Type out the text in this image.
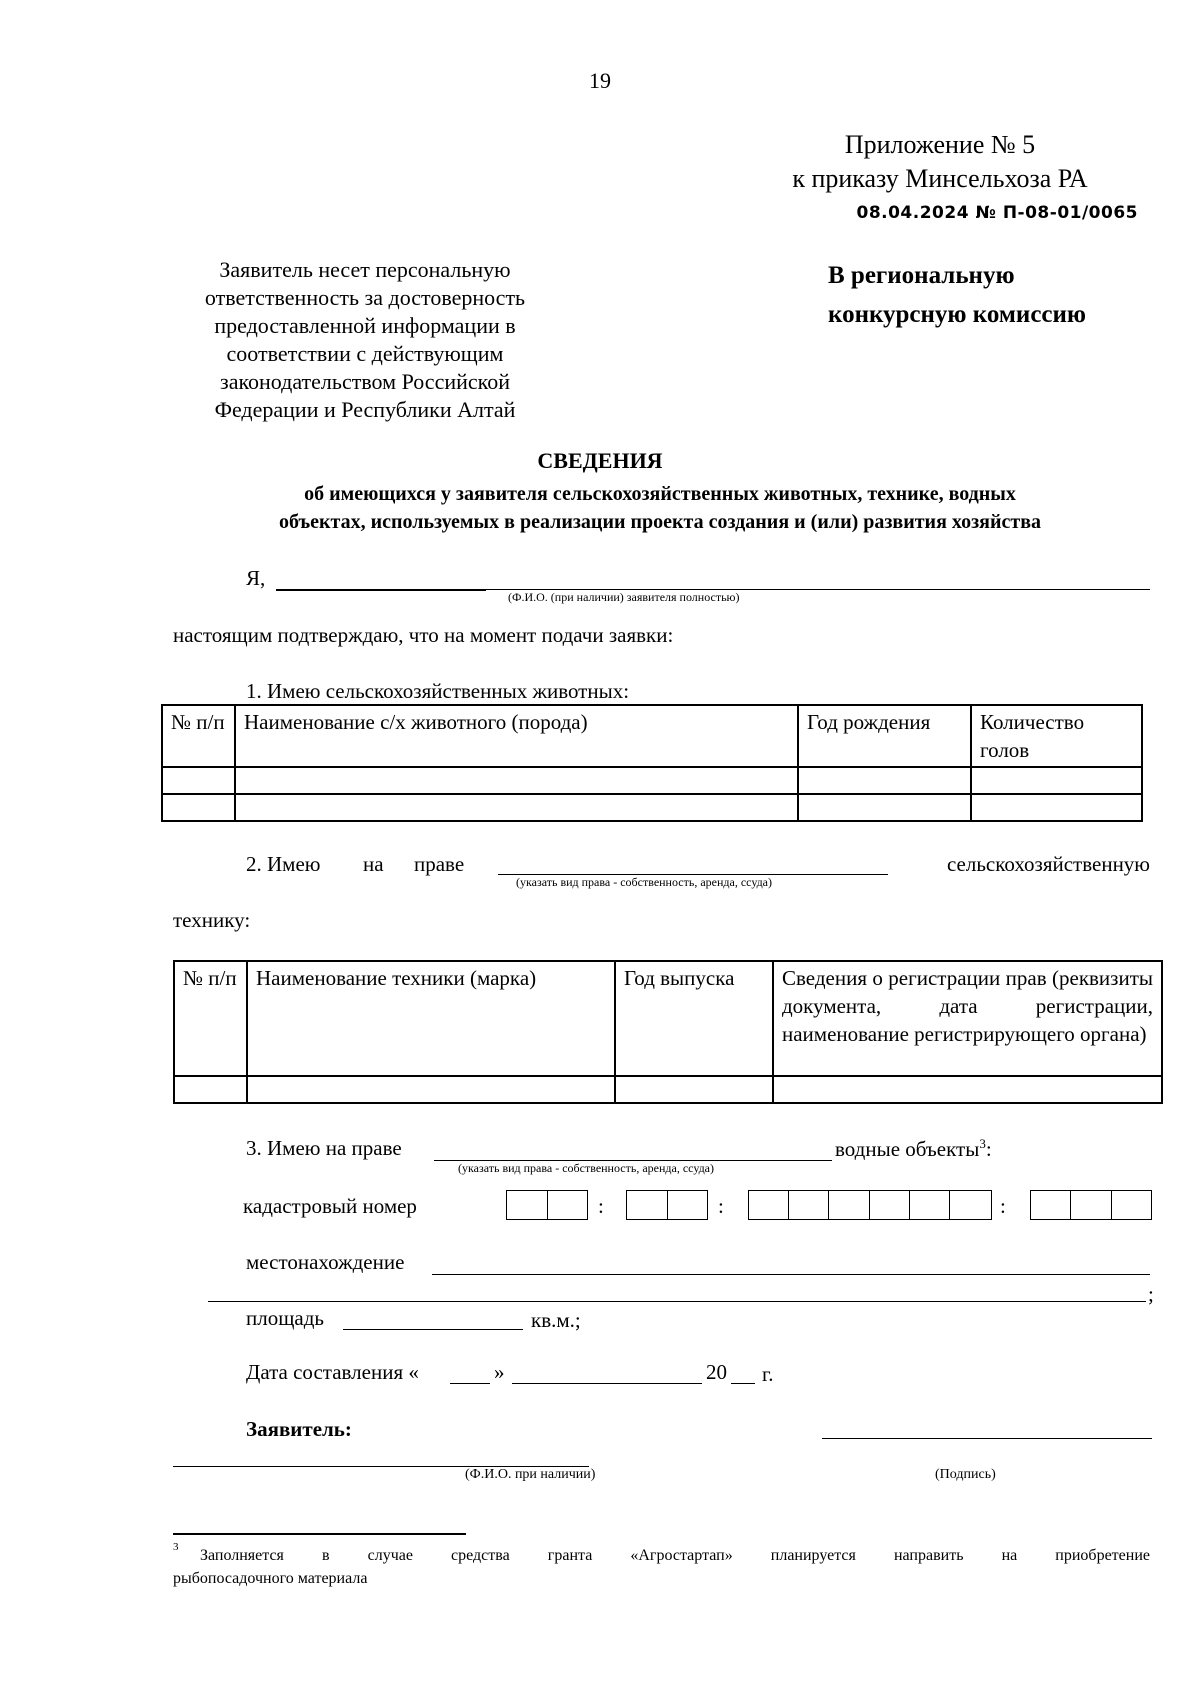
19
Приложение № 5
к приказу Минсельхоза РА
08.04.2024 № П-08-01/0065
Заявитель несет персональную
ответственность за достоверность
предоставленной информации в
соответствии с действующим
законодательством Российской
Федерации и Республики Алтай
В региональную
конкурсную комиссию
СВЕДЕНИЯ
об имеющихся у заявителя сельскохозяйственных животных, технике, водных
объектах, используемых в реализации проекта создания и (или) развития хозяйства
Я,
(Ф.И.О. (при наличии) заявителя полностью)
настоящим подтверждаю, что на момент подачи заявки:
1. Имею сельскохозяйственных животных:
№ п/п	Наименование с/х животного (порода)	Год рождения	Количество голов

2. Имею на праве
(указать вид права - собственность, аренда, ссуда)
сельскохозяйственную
технику:
№ п/п	Наименование техники (марка)	Год выпуска	Сведения о регистрации прав (реквизиты документа, дата регистрации, наименование регистрирующего органа)

3. Имею на праве
(указать вид права - собственность, аренда, ссуда)
водные объекты$^3$:
кадастровый номер	:	:	:
местонахождение
;
площадь	кв.м.;
Дата составления «	»	20 г.
Заявитель:
(Ф.И.О. при наличии)	(Подпись)
3 Заполняется в случае средства гранта «Агростартап» планируется направить на приобретение
рыбопосадочного материала
